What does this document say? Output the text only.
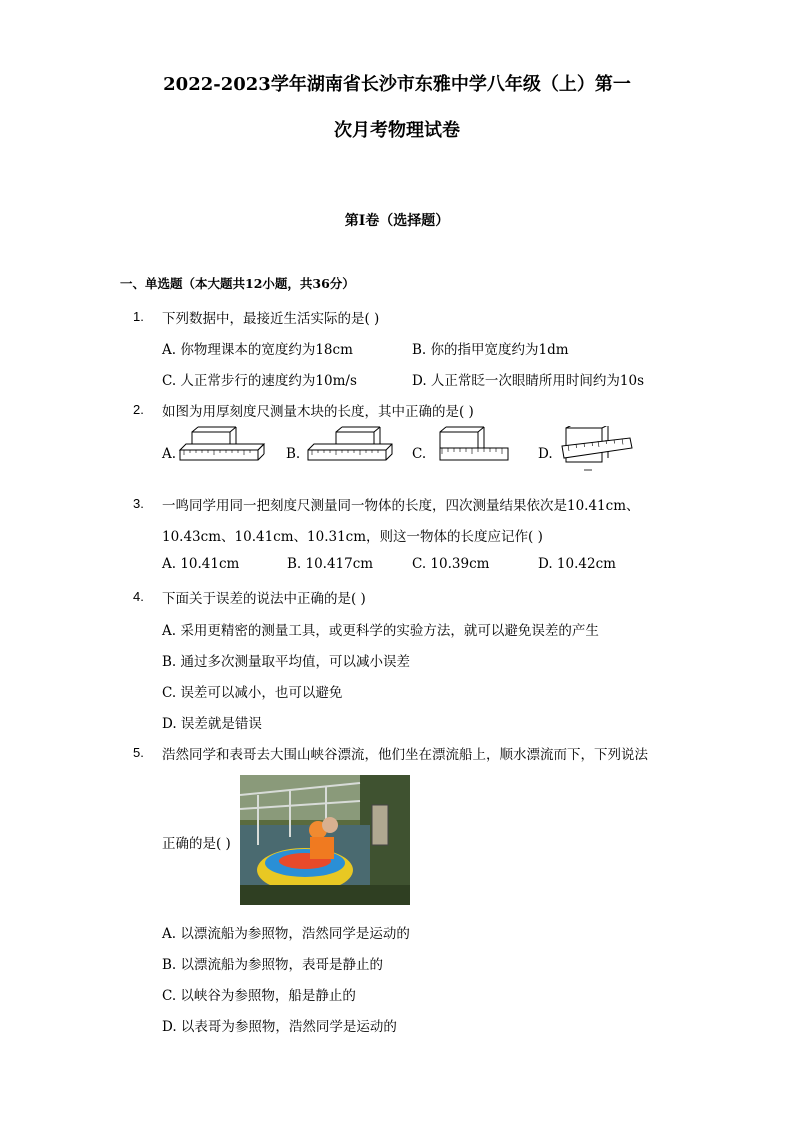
2022-2023学年湖南省长沙市东雅中学八年级（上）第一
次月考物理试卷
第I卷（选择题）
一、单选题（本大题共12小题，共36分）
1. 下列数据中，最接近生活实际的是( )
A. 你物理课本的宽度约为18cm	B. 你的指甲宽度约为1dm
C. 人正常步行的速度约为10m/s	D. 人正常眨一次眼睛所用时间约为10s
2. 如图为用厚刻度尺测量木块的长度，其中正确的是( )
A.	B.	C.	D.
3. 一鸣同学用同一把刻度尺测量同一物体的长度，四次测量结果依次是10.41cm、
10.43cm、10.41cm、10.31cm，则这一物体的长度应记作( )
A. 10.41cm	B. 10.417cm	C. 10.39cm	D. 10.42cm
4. 下面关于误差的说法中正确的是( )
A. 采用更精密的测量工具，或更科学的实验方法，就可以避免误差的产生
B. 通过多次测量取平均值，可以减小误差
C. 误差可以减小，也可以避免
D. 误差就是错误
5. 浩然同学和表哥去大围山峡谷漂流，他们坐在漂流船上，顺水漂流而下，下列说法
正确的是( )
A. 以漂流船为参照物，浩然同学是运动的
B. 以漂流船为参照物，表哥是静止的
C. 以峡谷为参照物，船是静止的
D. 以表哥为参照物，浩然同学是运动的
